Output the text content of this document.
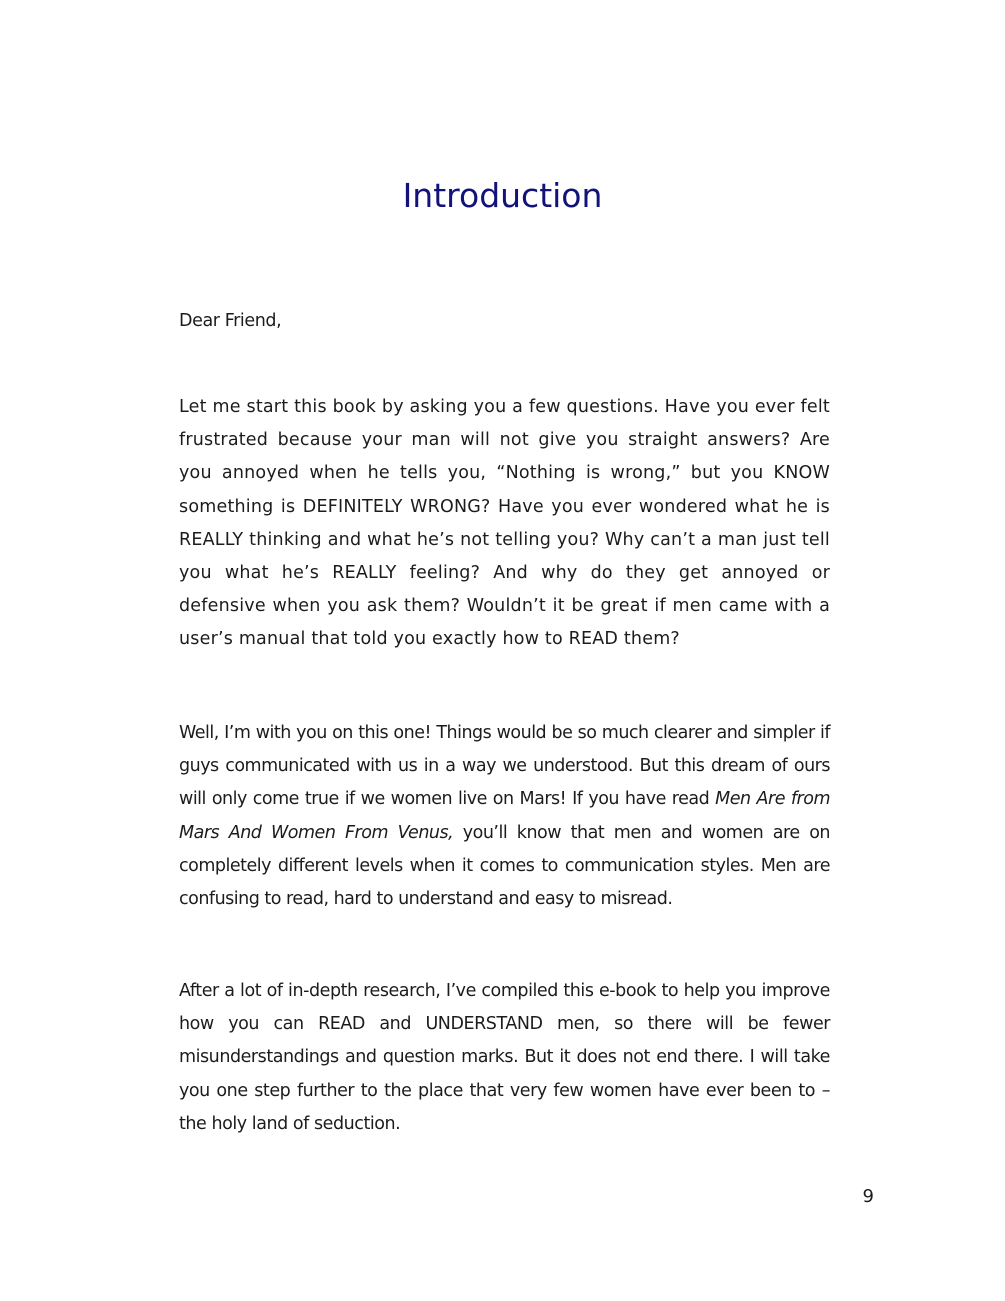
Introduction

Dear Friend,

Let me start this book by asking you a few questions. Have you ever felt frustrated because your man will not give you straight answers? Are you annoyed when he tells you, “Nothing is wrong,” but you KNOW something is DEFINITELY WRONG? Have you ever wondered what he is REALLY thinking and what he’s not telling you? Why can’t a man just tell you what he’s REALLY feeling? And why do they get annoyed or defensive when you ask them? Wouldn’t it be great if men came with a user’s manual that told you exactly how to READ them?

Well, I’m with you on this one! Things would be so much clearer and simpler if guys communicated with us in a way we understood. But this dream of ours will only come true if we women live on Mars! If you have read Men Are from Mars And Women From Venus, you’ll know that men and women are on completely different levels when it comes to communication styles. Men are confusing to read, hard to understand and easy to misread.

After a lot of in-depth research, I’ve compiled this e-book to help you improve how you can READ and UNDERSTAND men, so there will be fewer misunderstandings and question marks. But it does not end there. I will take you one step further to the place that very few women have ever been to – the holy land of seduction.

9
